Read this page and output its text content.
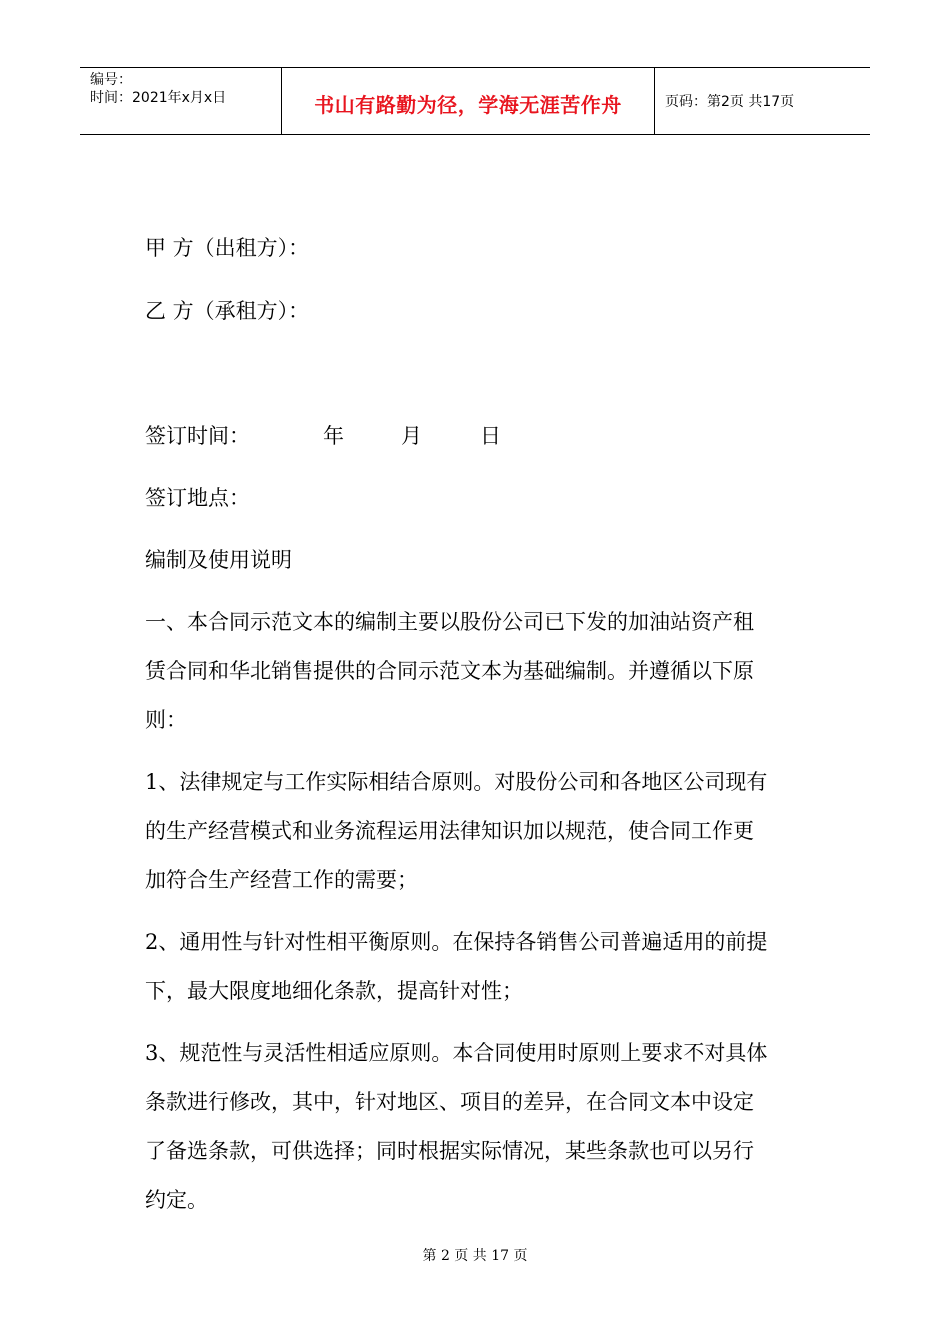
编号：
时间：2021年x月x日	书山有路勤为径，学海无涯苦作舟	页码：第2页 共17页
甲 方（出租方）：
乙 方（承租方）：
签订时间：	年	月	日
签订地点：
编制及使用说明
一、本合同示范文本的编制主要以股份公司已下发的加油站资产租
赁合同和华北销售提供的合同示范文本为基础编制。并遵循以下原
则：
1、法律规定与工作实际相结合原则。对股份公司和各地区公司现有
的生产经营模式和业务流程运用法律知识加以规范，使合同工作更
加符合生产经营工作的需要；
2、通用性与针对性相平衡原则。在保持各销售公司普遍适用的前提
下，最大限度地细化条款，提高针对性；
3、规范性与灵活性相适应原则。本合同使用时原则上要求不对具体
条款进行修改，其中，针对地区、项目的差异，在合同文本中设定
了备选条款，可供选择；同时根据实际情况，某些条款也可以另行
约定。
第 2 页 共 17 页
